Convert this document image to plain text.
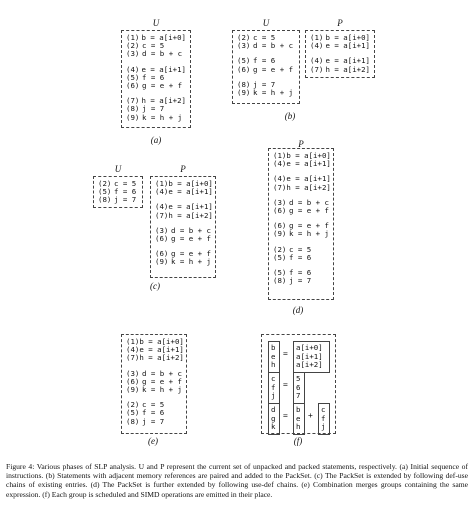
U
(1) b = a[i+0]
(2) c = 5
(3) d = b + c
(4) e = a[i+1]
(5) f = 6
(6) g = e + f
(7) h = a[i+2]
(8) j = 7
(9) k = h + j
(a)
U
(2) c = 5
(3) d = b + c
(5) f = 6
(6) g = e + f
(8) j = 7
(9) k = h + j
P
(1) b = a[i+0]
(4) e = a[i+1]
(4) e = a[i+1]
(7) h = a[i+2]
(b)
U
(2) c = 5
(5) f = 6
(8) j = 7
P
(1) b = a[i+0]
(4) e = a[i+1]
(4) e = a[i+1]
(7) h = a[i+2]
(3) d = b + c
(6) g = e + f
(6) g = e + f
(9) k = h + j
(c)
P
(1) b = a[i+0]
(4) e = a[i+1]
(4) e = a[i+1]
(7) h = a[i+2]
(3) d = b + c
(6) g = e + f
(6) g = e + f
(9) k = h + j
(2) c = 5
(5) f = 6
(5) f = 6
(8) j = 7
(d)
(1) b = a[i+0]
(4) e = a[i+1]
(7) h = a[i+2]
(3) d = b + c
(6) g = e + f
(9) k = h + j
(2) c = 5
(5) f = 6
(8) j = 7
(e)
b
e
h
=
a[i+0]
a[i+1]
a[i+2]
c
f
j
=
5
6
7
d
g
k
=
b
e
h
+
c
f
j
(f)
Figure 4: Various phases of SLP analysis. U and P represent the current set of unpacked and packed statements, respectively. (a) Initial sequence of instructions. (b) Statements with adjacent memory references are paired and added to the PackSet. (c) The PackSet is extended by following def-use chains of existing entries. (d) The PackSet is further extended by following use-def chains. (e) Combination merges groups containing the same expression. (f) Each group is scheduled and SIMD operations are emitted in their place.
